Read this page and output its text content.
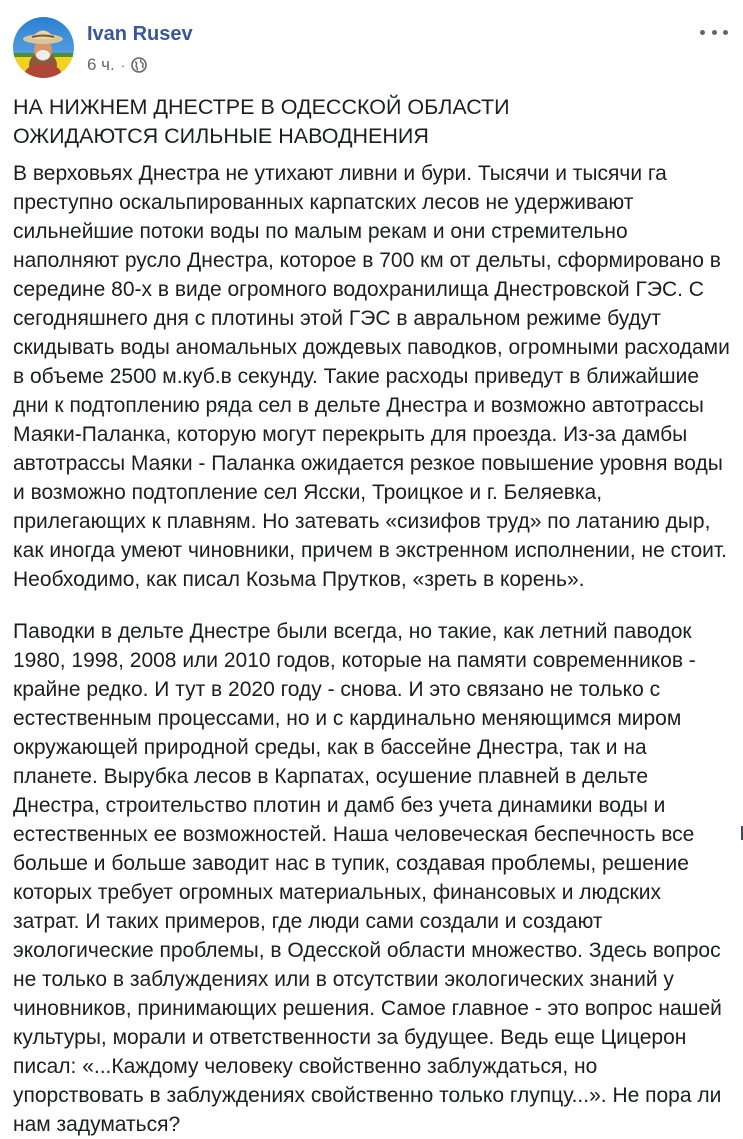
Ivan Rusev
6 ч. ·
НА НИЖНЕМ ДНЕСТРЕ В ОДЕССКОЙ ОБЛАСТИ
ОЖИДАЮТСЯ СИЛЬНЫЕ НАВОДНЕНИЯ

В верховьях Днестра не утихают ливни и бури. Тысячи и тысячи га преступно оскальпированных карпатских лесов не удерживают сильнейшие потоки воды по малым рекам и они стремительно наполняют русло Днестра, которое в 700 км от дельты, сформировано в середине 80-х в виде огромного водохранилища Днестровской ГЭС. С сегодняшнего дня с плотины этой ГЭС в авральном режиме будут скидывать воды аномальных дождевых паводков, огромными расходами в объеме 2500 м.куб.в секунду. Такие расходы приведут в ближайшие дни к подтоплению ряда сел в дельте Днестра и возможно автотрассы Маяки-Паланка, которую могут перекрыть для проезда. Из-за дамбы автотрассы Маяки - Паланка ожидается резкое повышение уровня воды и возможно подтопление сел Ясски, Троицкое и г. Беляевка, прилегающих к плавням. Но затевать «сизифов труд» по латанию дыр, как иногда умеют чиновники, причем в экстренном исполнении, не стоит. Необходимо, как писал Козьма Прутков, «зреть в корень».

Паводки в дельте Днестре были всегда, но такие, как летний паводок 1980, 1998, 2008 или 2010 годов, которые на памяти современников - крайне редко. И тут в 2020 году - снова. И это связано не только с естественным процессами, но и с кардинально меняющимся миром окружающей природной среды, как в бассейне Днестра, так и на планете. Вырубка лесов в Карпатах, осушение плавней в дельте Днестра, строительство плотин и дамб без учета динамики воды и естественных ее возможностей. Наша человеческая беспечность все больше и больше заводит нас в тупик, создавая проблемы, решение которых требует огромных материальных, финансовых и людских затрат. И таких примеров, где люди сами создали и создают экологические проблемы, в Одесской области множество. Здесь вопрос не только в заблуждениях или в отсутствии экологических знаний у чиновников, принимающих решения. Самое главное - это вопрос нашей культуры, морали и ответственности за будущее. Ведь еще Цицерон писал: «...Каждому человеку свойственно заблуждаться, но упорствовать в заблуждениях свойственно только глупцу...». Не пора ли нам задуматься?
